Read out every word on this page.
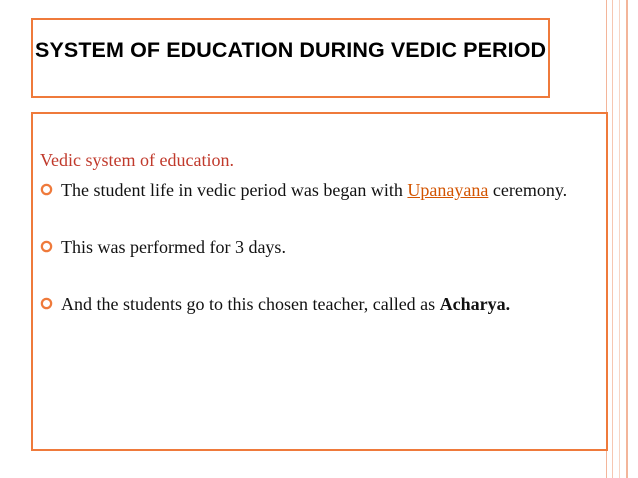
SYSTEM OF EDUCATION DURING VEDIC PERIOD

Vedic system of education.

The student life in vedic period was began with Upanayana ceremony.
This was performed for 3 days.
And the students go to this chosen teacher, called as Acharya.
